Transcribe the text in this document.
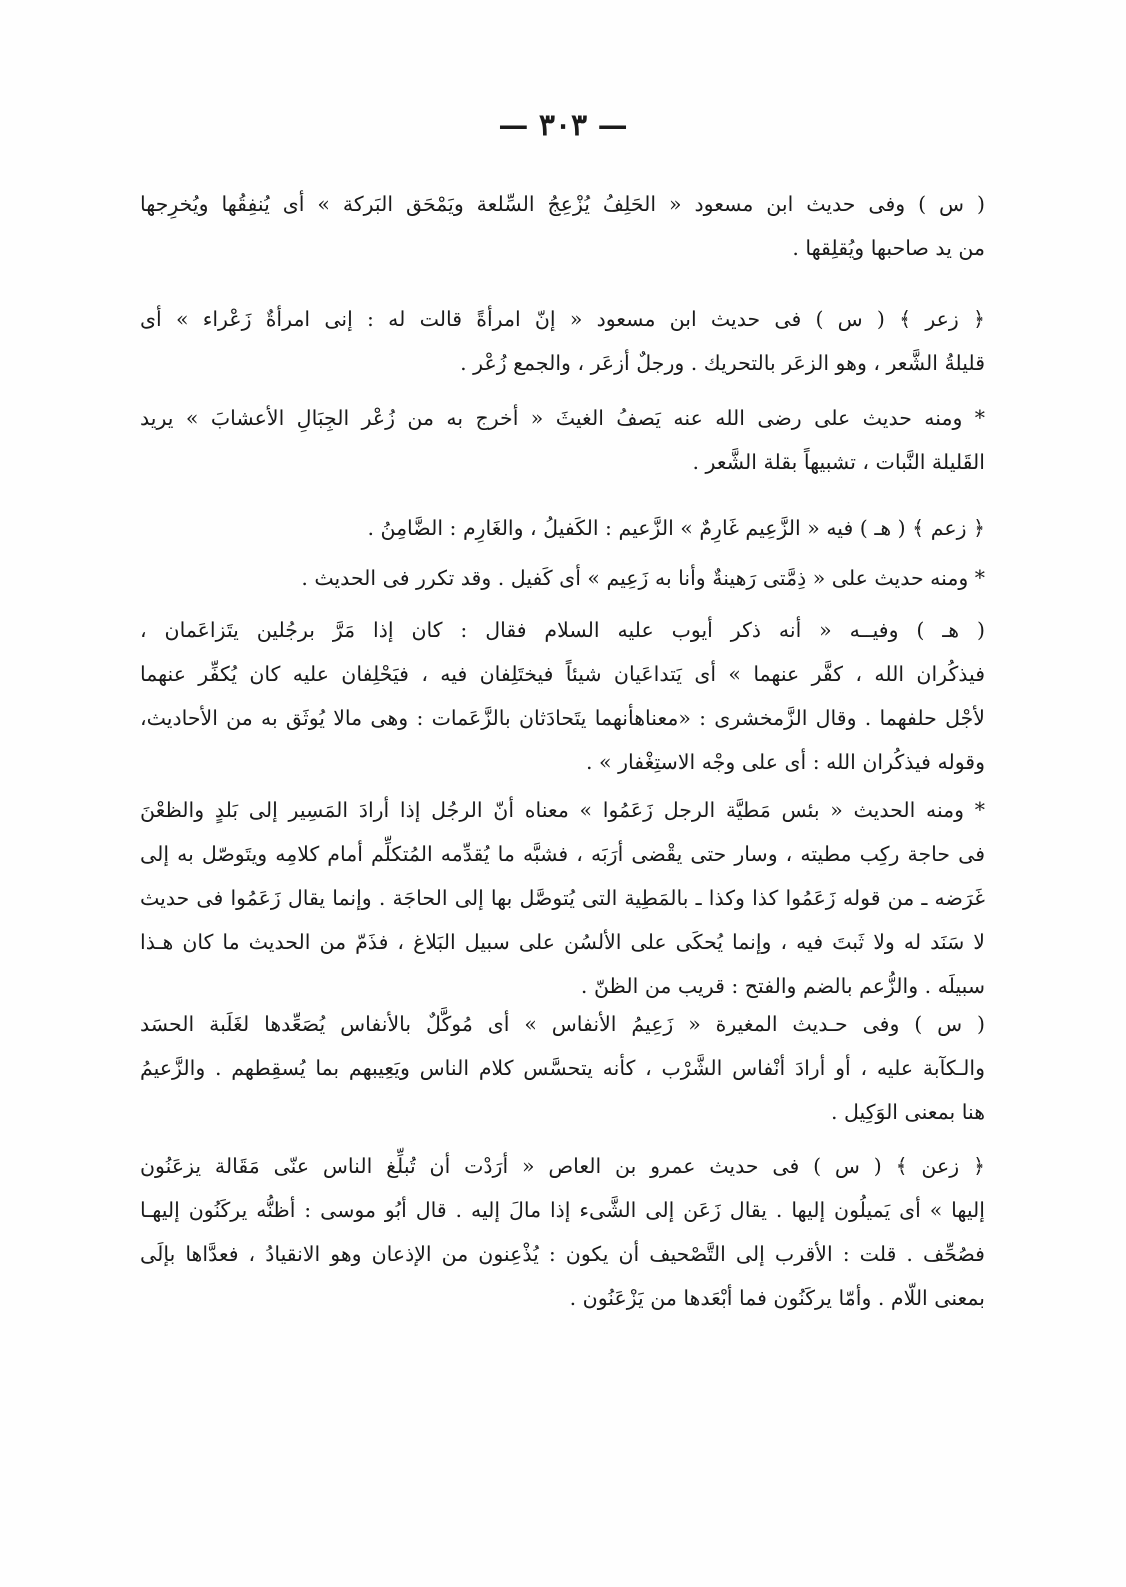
— ٣٠٣ —
( س ) وفى حديث ابن مسعود « الحَلِفُ يُزْعِجُ السِّلعة ويَمْحَق البَركة » أى يُنفِقُها ويُخرِجها
من يد صاحبها ويُقلِقها .
﴿ زعر ﴾ ( س ) فى حديث ابن مسعود « إنّ امرأةً قالت له : إنى امرأةٌ زَعْراء » أى
قليلةُ الشَّعر ، وهو الزعَر بالتحريك . ورجلٌ أزعَر ، والجمع زُعْر .
* ومنه حديث على رضى الله عنه يَصفُ الغيثَ « أخرج به من زُعْر الجِبَالِ الأعشابَ » يريد
القَليلة النَّبات ، تشبيهاً بقلة الشَّعر .
﴿ زعم ﴾ ( هـ ) فيه « الزَّعِيم غَارِمٌ » الزَّعيم : الكَفيلُ ، والغَارِم : الضَّامِنُ .
* ومنه حديث على « ذِمَّتى رَهينةٌ وأنا به زَعِيم » أى كَفيل . وقد تكرر فى الحديث .
( هـ ) وفيــه « أنه ذكر أيوب عليه السلام فقال : كان إذا مَرَّ برجُلين يتَزاعَمان ،
فيذكُران الله ، كفَّر عنهما » أى يَتداعَيان شيئاً فيختَلِفان فيه ، فيَحْلِفان عليه كان يُكفِّر عنهما
لأجْل حلفهما . وقال الزَّمخشرى : «معناهأنهما يتَحادَثان بالزَّعَمات : وهى مالا يُوثَق به من الأحاديث،
وقوله فيذكُران الله : أى على وجْه الاستِغْفار » .
* ومنه الحديث « بئس مَطيَّة الرجل زَعَمُوا » معناه أنّ الرجُل إذا أرادَ المَسِير إلى بَلدٍ والظعْنَ
فى حاجة ركِب مطيته ، وسار حتى يقْضى أرَبَه ، فشبَّه ما يُقدِّمه المُتكلِّم أمام كلامِه ويتَوصّل به إلى
غَرَضه ـ من قوله زَعَمُوا كذا وكذا ـ بالمَطِية التى يُتوصَّل بها إلى الحاجَة . وإنما يقال زَعَمُوا فى حديث
لا سَنَد له ولا ثَبتَ فيه ، وإنما يُحكَى على الألسُن على سبيل البَلاغ ، فذَمّ من الحديث ما كان هـذا
سبيلَه . والزُّعم بالضم والفتح : قريب من الظنّ .
( س ) وفى حـديث المغيرة « زَعِيمُ الأنفاس » أى مُوكَّلٌ بالأنفاس يُصَعِّدها لغَلَبة الحسَد
والـكآبة عليه ، أو أرادَ أنْفاس الشَّرْب ، كأنه يتحسَّس كلام الناس ويَعِيبهم بما يُسقِطهم . والزَّعيمُ
هنا بمعنى الوَكِيل .
﴿ زعن ﴾ ( س ) فى حديث عمرو بن العاص « أرَدْت أن تُبلِّغ الناس عنّى مَقَالة يزعَنُون
إليها » أى يَميلُون إليها . يقال زَعَن إلى الشَّىء إذا مالَ إليه . قال أبُو موسى : أظنُّه يركَنُون إليهـا
فصُحِّف . قلت : الأقرب إلى التَّصْحيف أن يكون : يُذْعِنون من الإذعان وهو الانقيادُ ، فعدَّاها بإلَى
بمعنى اللّام . وأمّا يركَنُون فما أبْعَدها من يَزْعَنُون .
